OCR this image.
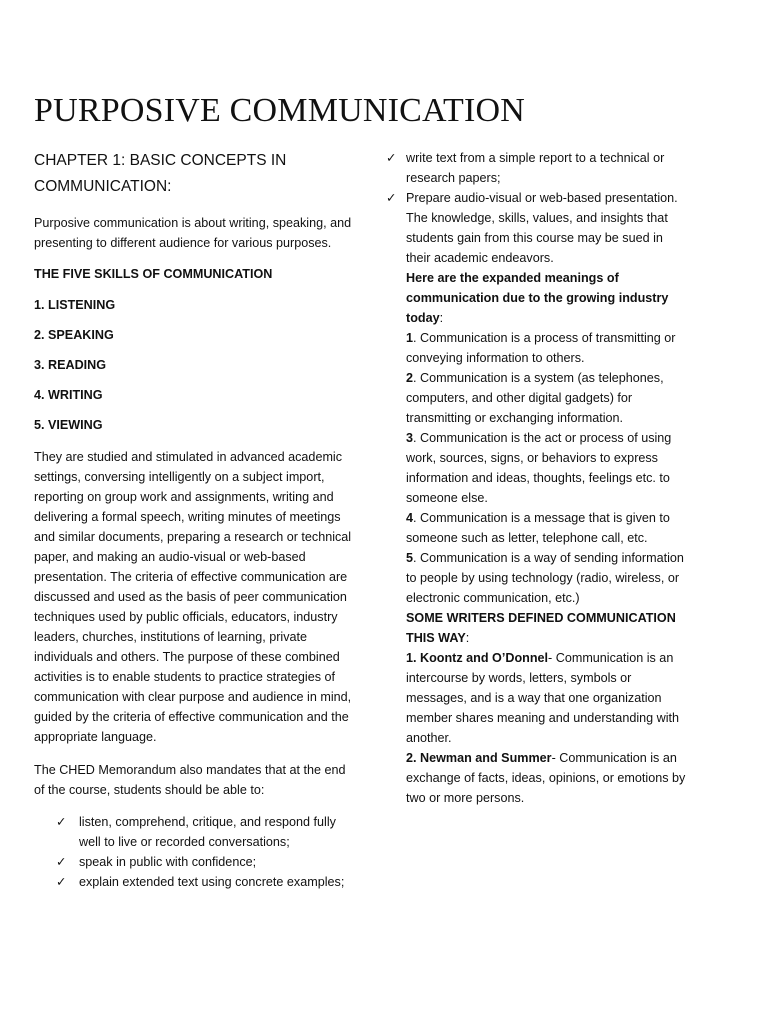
PURPOSIVE COMMUNICATION

CHAPTER 1: BASIC CONCEPTS IN COMMUNICATION:

Purposive communication is about writing, speaking, and presenting to different audience for various purposes.

THE FIVE SKILLS OF COMMUNICATION

1. LISTENING

2. SPEAKING

3. READING

4. WRITING

5. VIEWING

They are studied and stimulated in advanced academic settings, conversing intelligently on a subject import, reporting on group work and assignments, writing and delivering a formal speech, writing minutes of meetings and similar documents, preparing a research or technical paper, and making an audio-visual or web-based presentation. The criteria of effective communication are discussed and used as the basis of peer communication techniques used by public officials, educators, industry leaders, churches, institutions of learning, private individuals and others. The purpose of these combined activities is to enable students to practice strategies of communication with clear purpose and audience in mind, guided by the criteria of effective communication and the appropriate language.

The CHED Memorandum also mandates that at the end of the course, students should be able to:

✓ listen, comprehend, critique, and respond fully well to live or recorded conversations;
✓ speak in public with confidence;
✓ explain extended text using concrete examples;
✓ write text from a simple report to a technical or research papers;
✓ Prepare audio-visual or web-based presentation.

The knowledge, skills, values, and insights that students gain from this course may be sued in their academic endeavors.

Here are the expanded meanings of communication due to the growing industry today:

1. Communication is a process of transmitting or conveying information to others.

2. Communication is a system (as telephones, computers, and other digital gadgets) for transmitting or exchanging information.

3. Communication is the act or process of using work, sources, signs, or behaviors to express information and ideas, thoughts, feelings etc. to someone else.

4. Communication is a message that is given to someone such as letter, telephone call, etc.

5. Communication is a way of sending information to people by using technology (radio, wireless, or electronic communication, etc.)

SOME WRITERS DEFINED COMMUNICATION THIS WAY:

1. Koontz and O’Donnel- Communication is an intercourse by words, letters, symbols or messages, and is a way that one organization member shares meaning and understanding with another.

2. Newman and Summer- Communication is an exchange of facts, ideas, opinions, or emotions by two or more persons.
